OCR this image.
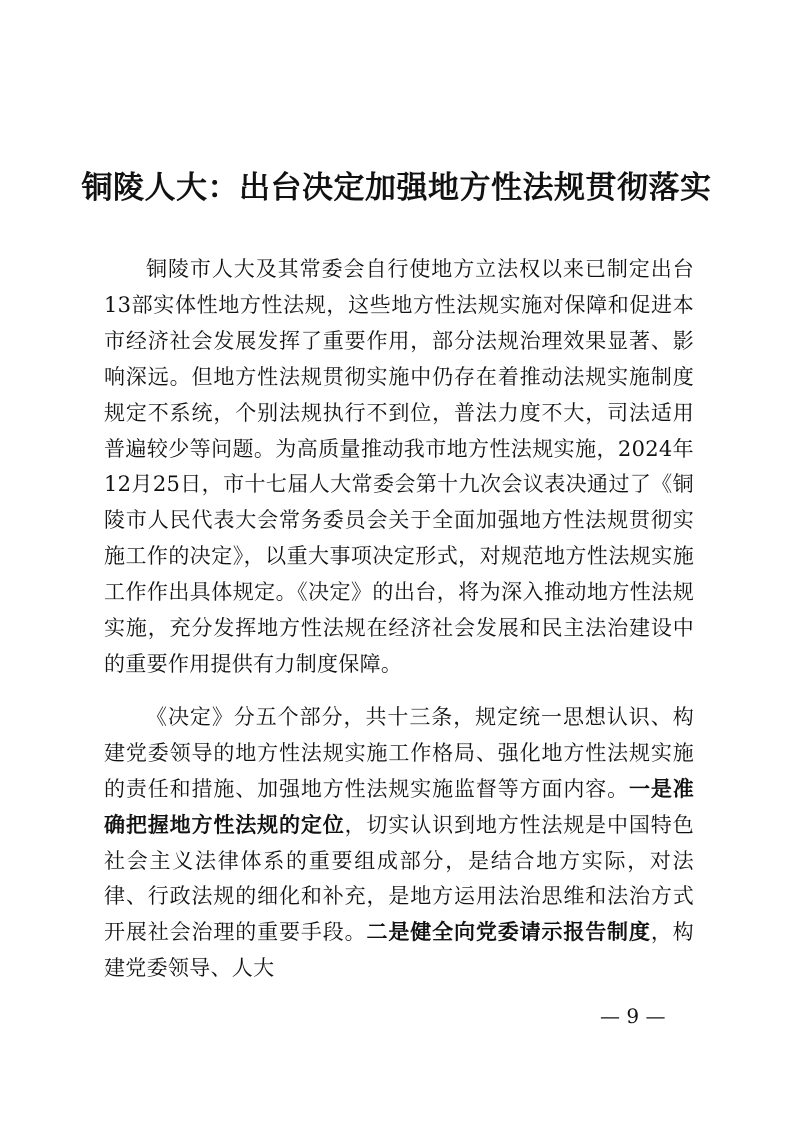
铜陵人大：出台决定加强地方性法规贯彻落实

铜陵市人大及其常委会自行使地方立法权以来已制定出台13部实体性地方性法规，这些地方性法规实施对保障和促进本市经济社会发展发挥了重要作用，部分法规治理效果显著、影响深远。但地方性法规贯彻实施中仍存在着推动法规实施制度规定不系统，个别法规执行不到位，普法力度不大，司法适用普遍较少等问题。为高质量推动我市地方性法规实施，2024年12月25日，市十七届人大常委会第十九次会议表决通过了《铜陵市人民代表大会常务委员会关于全面加强地方性法规贯彻实施工作的决定》，以重大事项决定形式，对规范地方性法规实施工作作出具体规定。《决定》的出台，将为深入推动地方性法规实施，充分发挥地方性法规在经济社会发展和民主法治建设中的重要作用提供有力制度保障。

《决定》分五个部分，共十三条，规定统一思想认识、构建党委领导的地方性法规实施工作格局、强化地方性法规实施的责任和措施、加强地方性法规实施监督等方面内容。一是准确把握地方性法规的定位，切实认识到地方性法规是中国特色社会主义法律体系的重要组成部分，是结合地方实际，对法律、行政法规的细化和补充，是地方运用法治思维和法治方式开展社会治理的重要手段。二是健全向党委请示报告制度，构建党委领导、人大

— 9 —
